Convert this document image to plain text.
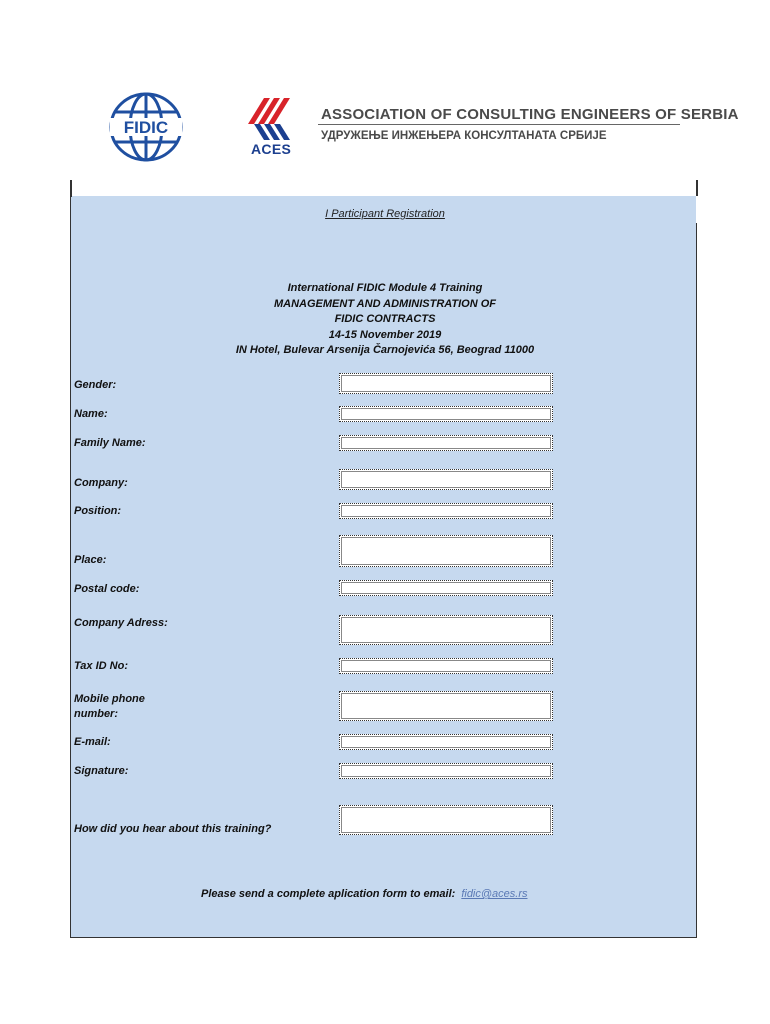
FIDIC
ACES
ASSOCIATION OF CONSULTING ENGINEERS OF SERBIA
УДРУЖЕЊЕ ИНЖЕЊЕРА КОНСУЛТАНАТА СРБИЈЕ
I Participant Registration
International FIDIC Module 4 Training
MANAGEMENT AND ADMINISTRATION OF
FIDIC CONTRACTS
14-15 November 2019
IN Hotel, Bulevar Arsenija Čarnojevića 56, Beograd 11000
Gender:
Name:
Family Name:
Company:
Position:
Place:
Postal code:
Company Adress:
Tax ID No:
Mobile phone number:
E-mail:
Signature:
How did you hear about this training?
Please send a complete aplication form to email: fidic@aces.rs
